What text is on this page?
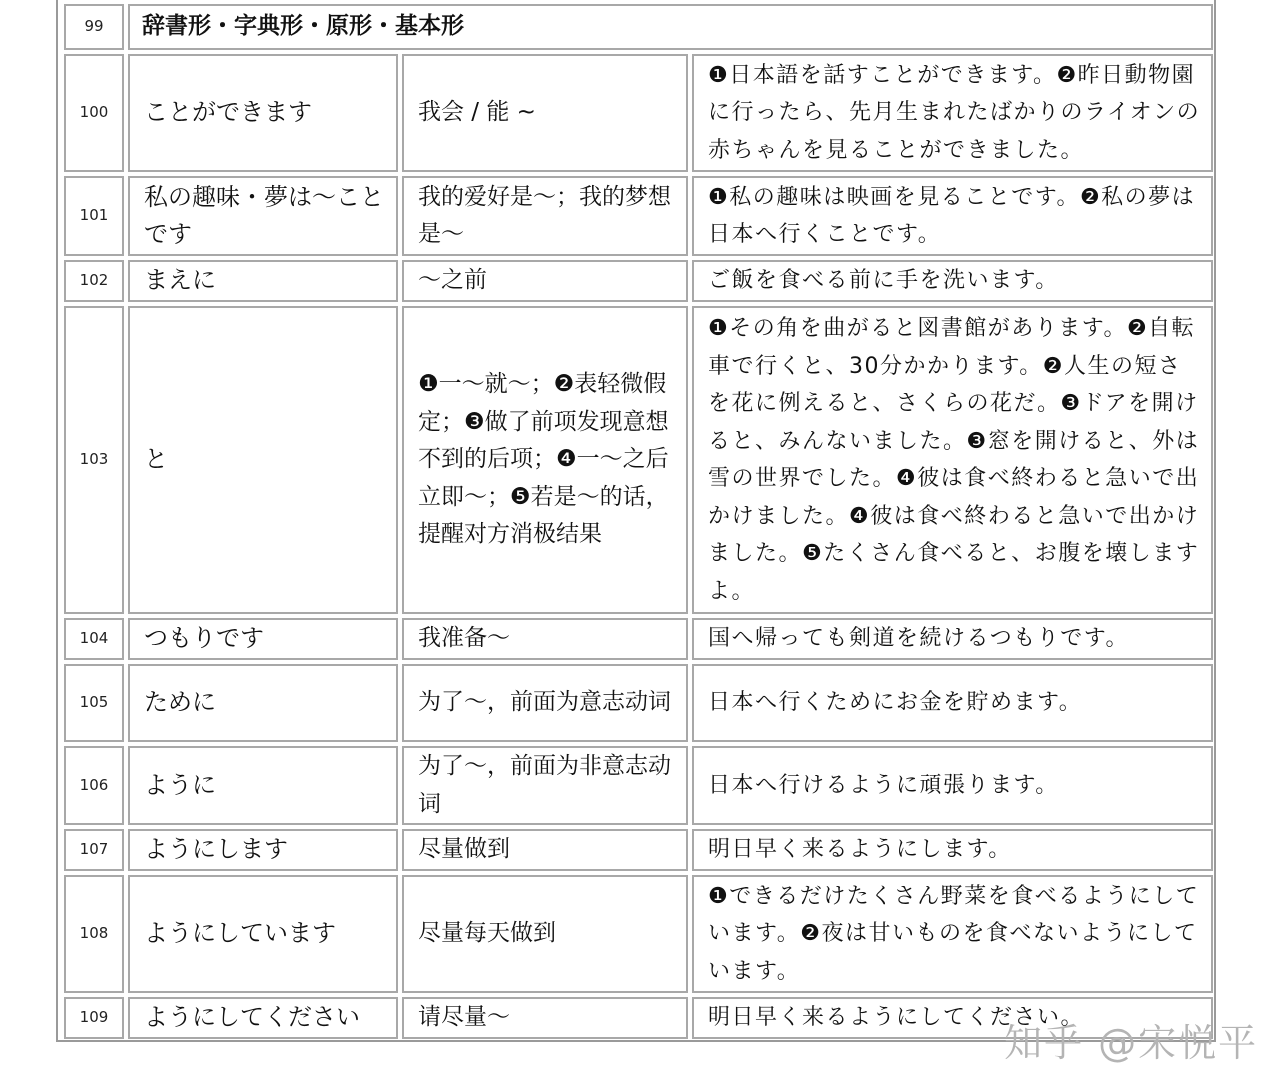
99	辞書形・字典形・原形・基本形		
100	ことができます	我会 / 能 ~	❶日本語を話すことができます。❷昨日動物園に行ったら、先月生まれたばかりのライオンの赤ちゃんを見ることができました。
101	私の趣味・夢は～ことです	我的爱好是～；我的梦想是～	❶私の趣味は映画を見ることです。❷私の夢は日本へ行くことです。
102	まえに	～之前	ご飯を食べる前に手を洗います。
103	と	❶一～就～；❷表轻微假定；❸做了前项发现意想不到的后项；❹一～之后立即～；❺若是～的话，提醒对方消极结果	❶その角を曲がると図書館があります。❷自転車で行くと、30分かかります。❷人生の短さを花に例えると、さくらの花だ。❸ドアを開けると、みんないました。❸窓を開けると、外は雪の世界でした。❹彼は食べ終わると急いで出かけました。❹彼は食べ終わると急いで出かけました。❺たくさん食べると、お腹を壊しますよ。
104	つもりです	我准备～	国へ帰っても剣道を続けるつもりです。
105	ために	为了～，前面为意志动词	日本へ行くためにお金を貯めます。
106	ように	为了～，前面为非意志动词	日本へ行けるように頑張ります。
107	ようにします	尽量做到	明日早く来るようにします。
108	ようにしています	尽量每天做到	❶できるだけたくさん野菜を食べるようにしています。❷夜は甘いものを食べないようにしています。
109	ようにしてください	请尽量～	明日早く来るようにしてください。
知乎 @宋悦平
